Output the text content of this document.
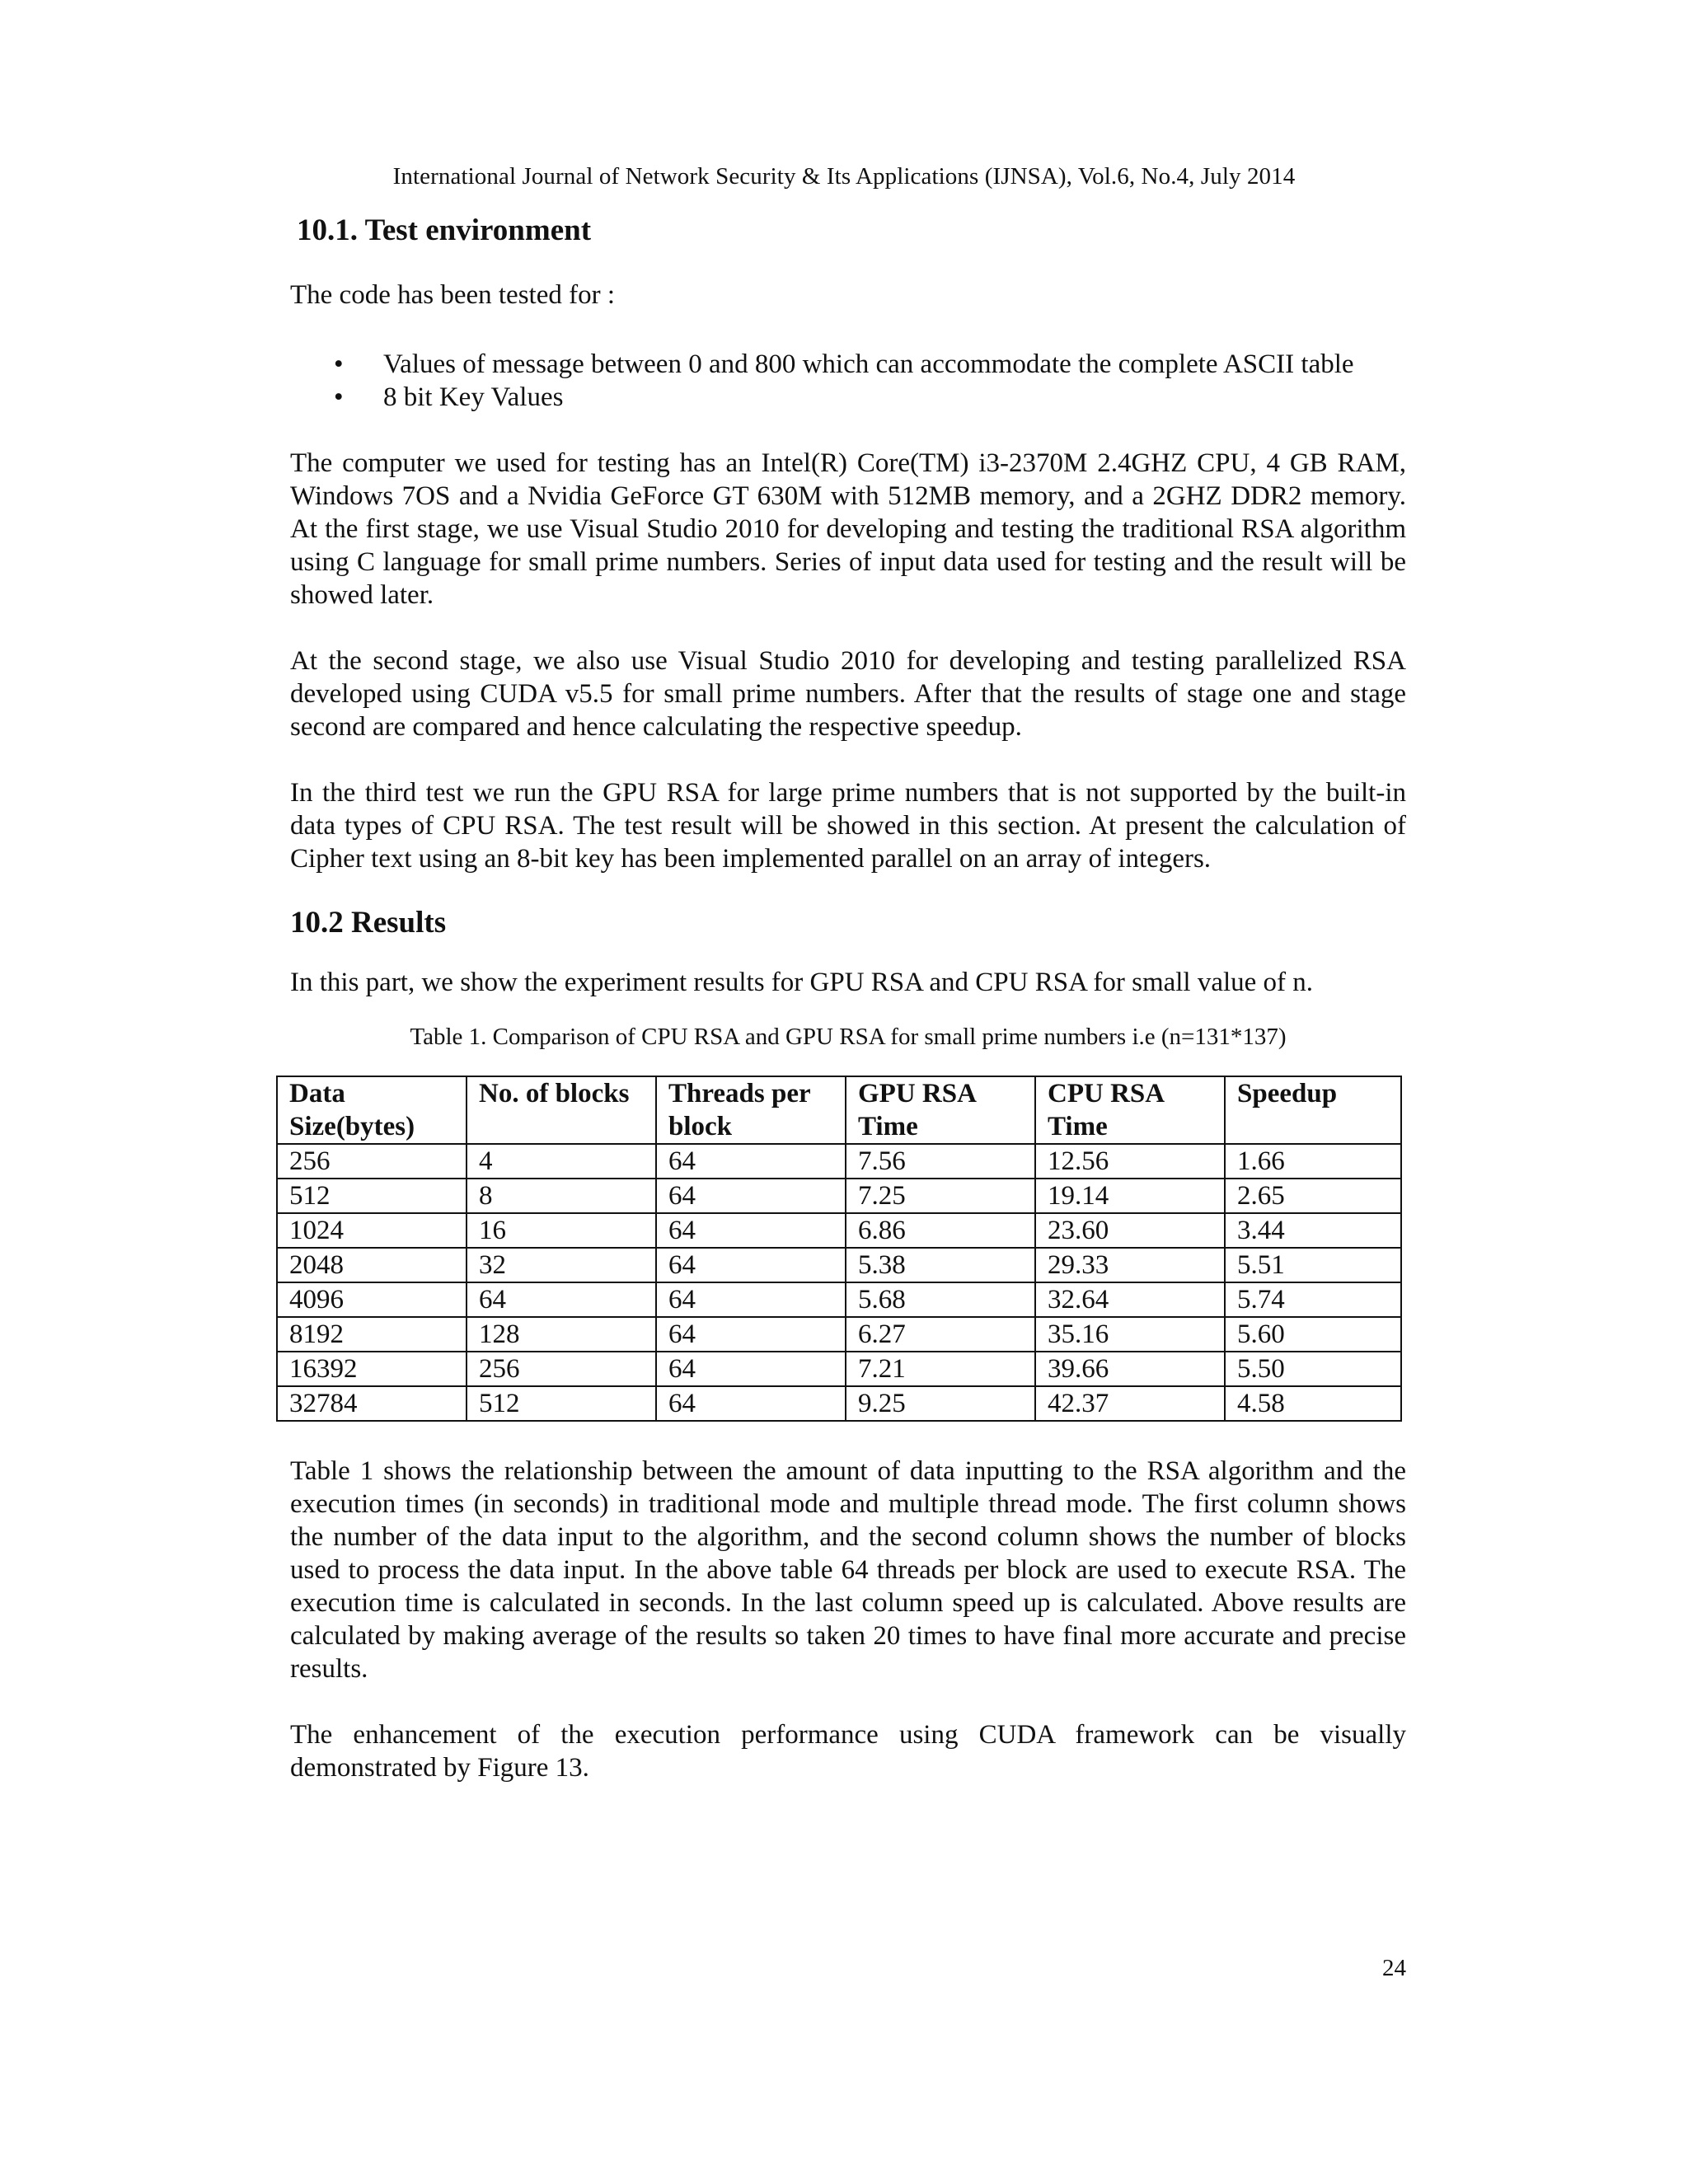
International Journal of Network Security & Its Applications (IJNSA), Vol.6, No.4, July 2014

10.1. Test environment

The code has been tested for :

• Values of message between 0 and 800 which can accommodate the complete ASCII table
• 8 bit Key Values

The computer we used for testing has an Intel(R) Core(TM) i3-2370M 2.4GHZ CPU, 4 GB RAM, Windows 7OS and a Nvidia GeForce GT 630M with 512MB memory, and a 2GHZ DDR2 memory. At the first stage, we use Visual Studio 2010 for developing and testing the traditional RSA algorithm using C language for small prime numbers. Series of input data used for testing and the result will be showed later.

At the second stage, we also use Visual Studio 2010 for developing and testing parallelized RSA developed using CUDA v5.5 for small prime numbers. After that the results of stage one and stage second are compared and hence calculating the respective speedup.

In the third test we run the GPU RSA for large prime numbers that is not supported by the built-in data types of CPU RSA. The test result will be showed in this section. At present the calculation of Cipher text using an 8-bit key has been implemented parallel on an array of integers.

10.2 Results

In this part, we show the experiment results for GPU RSA and CPU RSA for small value of n.

Table 1. Comparison of CPU RSA and GPU RSA for small prime numbers i.e (n=131*137)

Data Size(bytes)	No. of blocks	Threads per block	GPU RSA Time	CPU RSA Time	Speedup
256	4	64	7.56	12.56	1.66
512	8	64	7.25	19.14	2.65
1024	16	64	6.86	23.60	3.44
2048	32	64	5.38	29.33	5.51
4096	64	64	5.68	32.64	5.74
8192	128	64	6.27	35.16	5.60
16392	256	64	7.21	39.66	5.50
32784	512	64	9.25	42.37	4.58

Table 1 shows the relationship between the amount of data inputting to the RSA algorithm and the execution times (in seconds) in traditional mode and multiple thread mode. The first column shows the number of the data input to the algorithm, and the second column shows the number of blocks used to process the data input. In the above table 64 threads per block are used to execute RSA. The execution time is calculated in seconds. In the last column speed up is calculated. Above results are calculated by making average of the results so taken 20 times to have final more accurate and precise results.

The enhancement of the execution performance using CUDA framework can be visually demonstrated by Figure 13.

24
